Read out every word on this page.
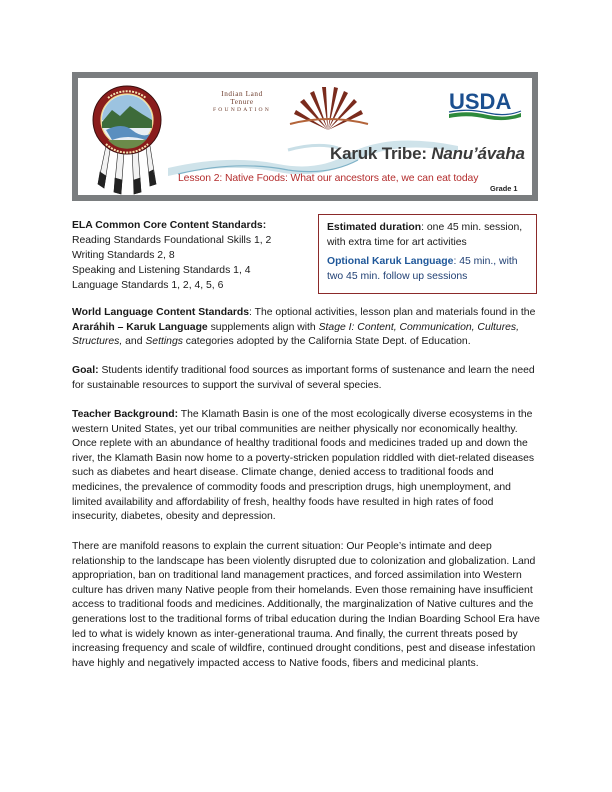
Indian Land Tenure
FOUNDATION	USDA
Karuk Tribe: Nanu’ávaha
Lesson 2: Native Foods: What our ancestors ate, we can eat today
Grade 1
ELA Common Core Content Standards:
Reading Standards Foundational Skills 1, 2
Writing Standards 2, 8
Speaking and Listening Standards 1, 4
Language Standards 1, 2, 4, 5, 6
Estimated duration: one 45 min. session, with extra time for art activities
Optional Karuk Language: 45 min., with two 45 min. follow up sessions
World Language Content Standards: The optional activities, lesson plan and materials found in the Araráhih – Karuk Language supplements align with Stage I: Content, Communication, Cultures, Structures, and Settings categories adopted by the California State Dept. of Education.
Goal: Students identify traditional food sources as important forms of sustenance and learn the need for sustainable resources to support the survival of several species.
Teacher Background: The Klamath Basin is one of the most ecologically diverse ecosystems in the western United States, yet our tribal communities are neither physically nor economically healthy. Once replete with an abundance of healthy traditional foods and medicines traded up and down the river, the Klamath Basin now home to a poverty-stricken population riddled with diet-related diseases such as diabetes and heart disease. Climate change, denied access to traditional foods and medicines, the prevalence of commodity foods and prescription drugs, high unemployment, and limited availability and affordability of fresh, healthy foods have resulted in high rates of food insecurity, diabetes, obesity and depression.
There are manifold reasons to explain the current situation: Our People’s intimate and deep relationship to the landscape has been violently disrupted due to colonization and globalization. Land appropriation, ban on traditional land management practices, and forced assimilation into Western culture has driven many Native people from their homelands. Even those remaining have insufficient access to traditional foods and medicines. Additionally, the marginalization of Native cultures and the generations lost to the traditional forms of tribal education during the Indian Boarding School Era have led to what is widely known as inter-generational trauma. And finally, the current threats posed by increasing frequency and scale of wildfire, continued drought conditions, pest and disease infestation have highly and negatively impacted access to Native foods, fibers and medicinal plants.
